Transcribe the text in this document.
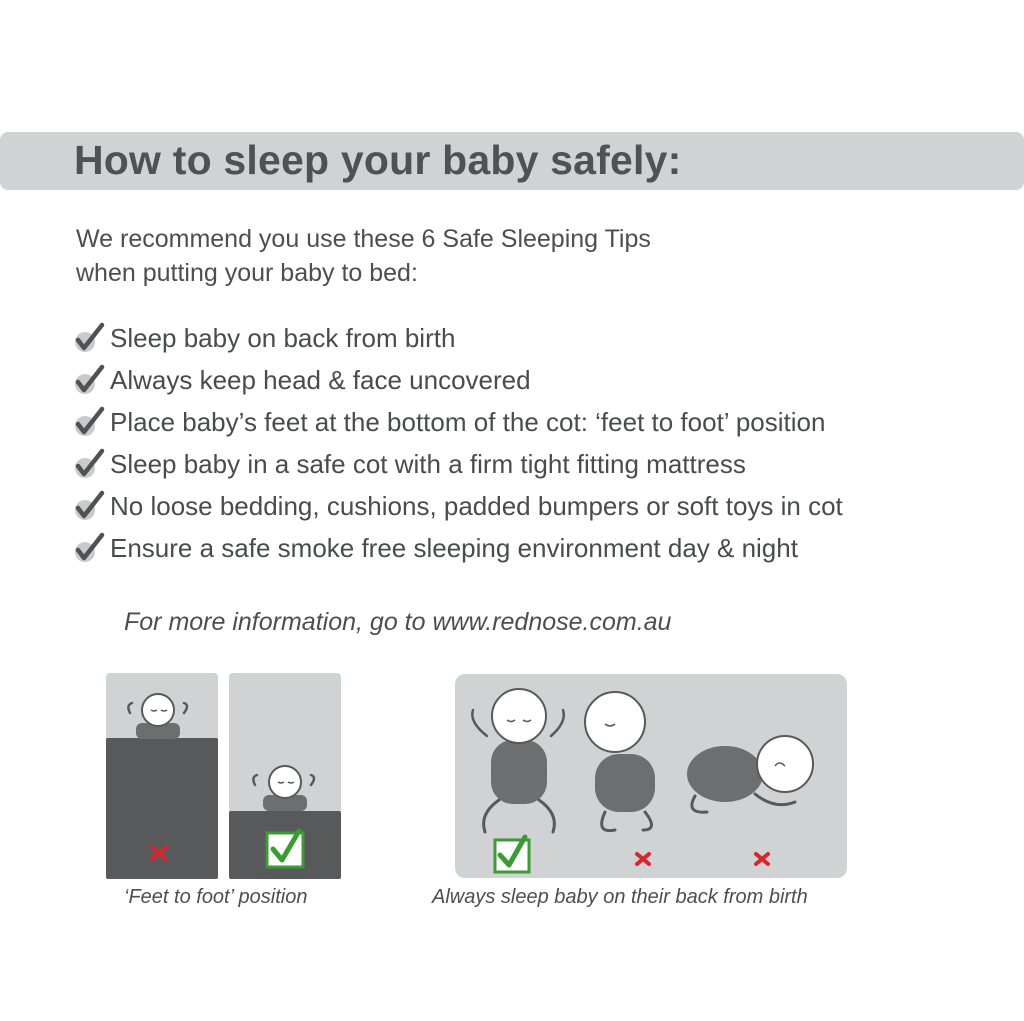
How to sleep your baby safely:

We recommend you use these 6 Safe Sleeping Tips
when putting your baby to bed:

Sleep baby on back from birth
Always keep head & face uncovered
Place baby’s feet at the bottom of the cot: ‘feet to foot’ position
Sleep baby in a safe cot with a firm tight fitting mattress
No loose bedding, cushions, padded bumpers or soft toys in cot
Ensure a safe smoke free sleeping environment day & night

For more information, go to www.rednose.com.au

‘Feet to foot’ position	Always sleep baby on their back from birth
